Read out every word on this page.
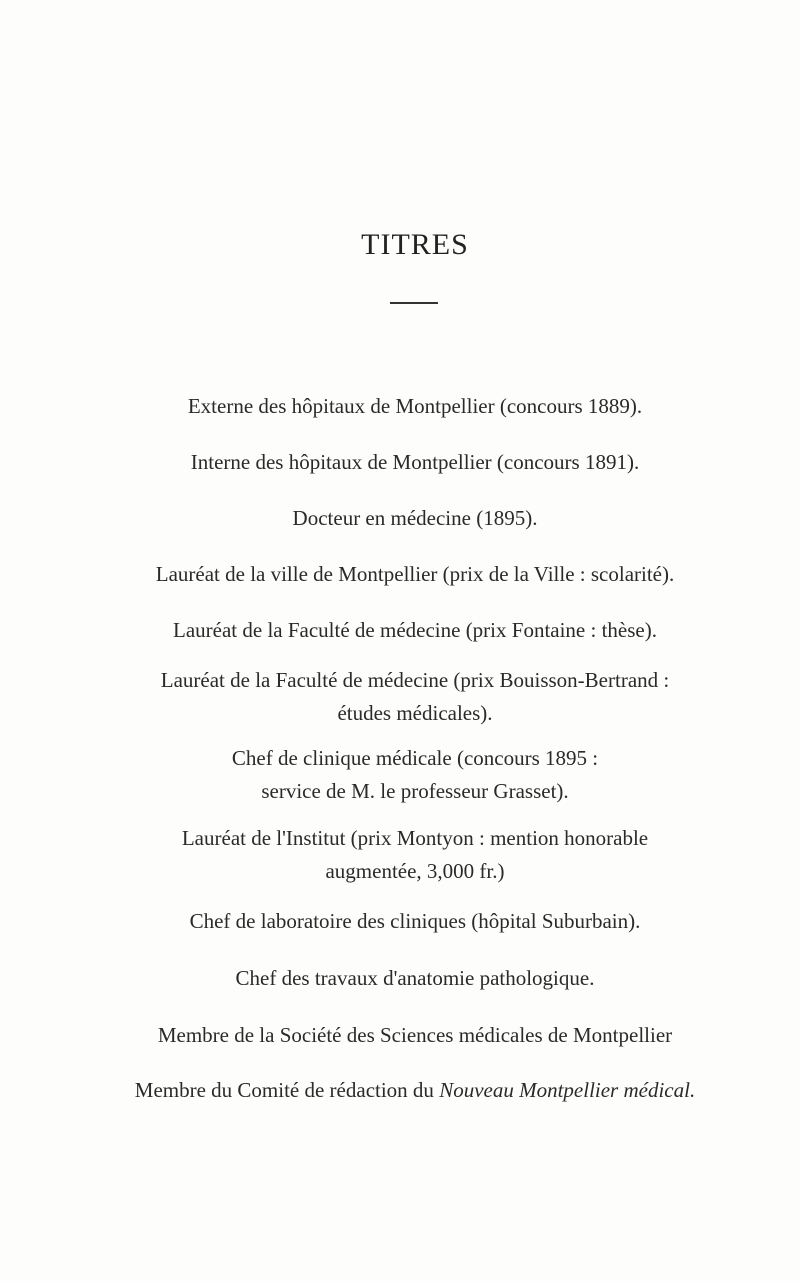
TITRES
Externe des hôpitaux de Montpellier (concours 1889).
Interne des hôpitaux de Montpellier (concours 1891).
Docteur en médecine (1895).
Lauréat de la ville de Montpellier (prix de la Ville : scolarité).
Lauréat de la Faculté de médecine (prix Fontaine : thèse).
Lauréat de la Faculté de médecine (prix Bouisson-Bertrand :
études médicales).
Chef de clinique médicale (concours 1895 :
service de M. le professeur Grasset).
Lauréat de l'Institut (prix Montyon : mention honorable
augmentée, 3,000 fr.)
Chef de laboratoire des cliniques (hôpital Suburbain).
Chef des travaux d'anatomie pathologique.
Membre de la Société des Sciences médicales de Montpellier
Membre du Comité de rédaction du Nouveau Montpellier médical.
